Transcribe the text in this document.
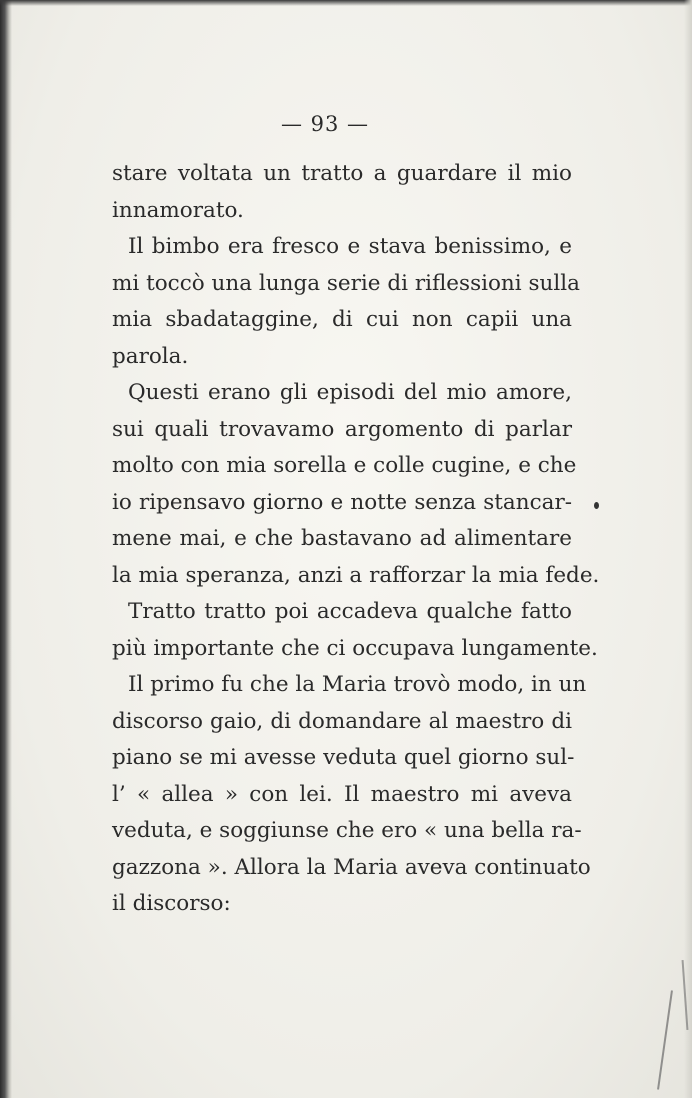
— 93 —
stare voltata un tratto a guardare il mio
innamorato.
Il bimbo era fresco e stava benissimo, e
mi toccò una lunga serie di riflessioni sulla
mia sbadataggine, di cui non capii una
parola.
Questi erano gli episodi del mio amore,
sui quali trovavamo argomento di parlar
molto con mia sorella e colle cugine, e che
io ripensavo giorno e notte senza stancar-
mene mai, e che bastavano ad alimentare
la mia speranza, anzi a rafforzar la mia fede.
Tratto tratto poi accadeva qualche fatto
più importante che ci occupava lungamente.
Il primo fu che la Maria trovò modo, in un
discorso gaio, di domandare al maestro di
piano se mi avesse veduta quel giorno sul-
l’ « allea » con lei. Il maestro mi aveva
veduta, e soggiunse che ero « una bella ra-
gazzona ». Allora la Maria aveva continuato
il discorso:
